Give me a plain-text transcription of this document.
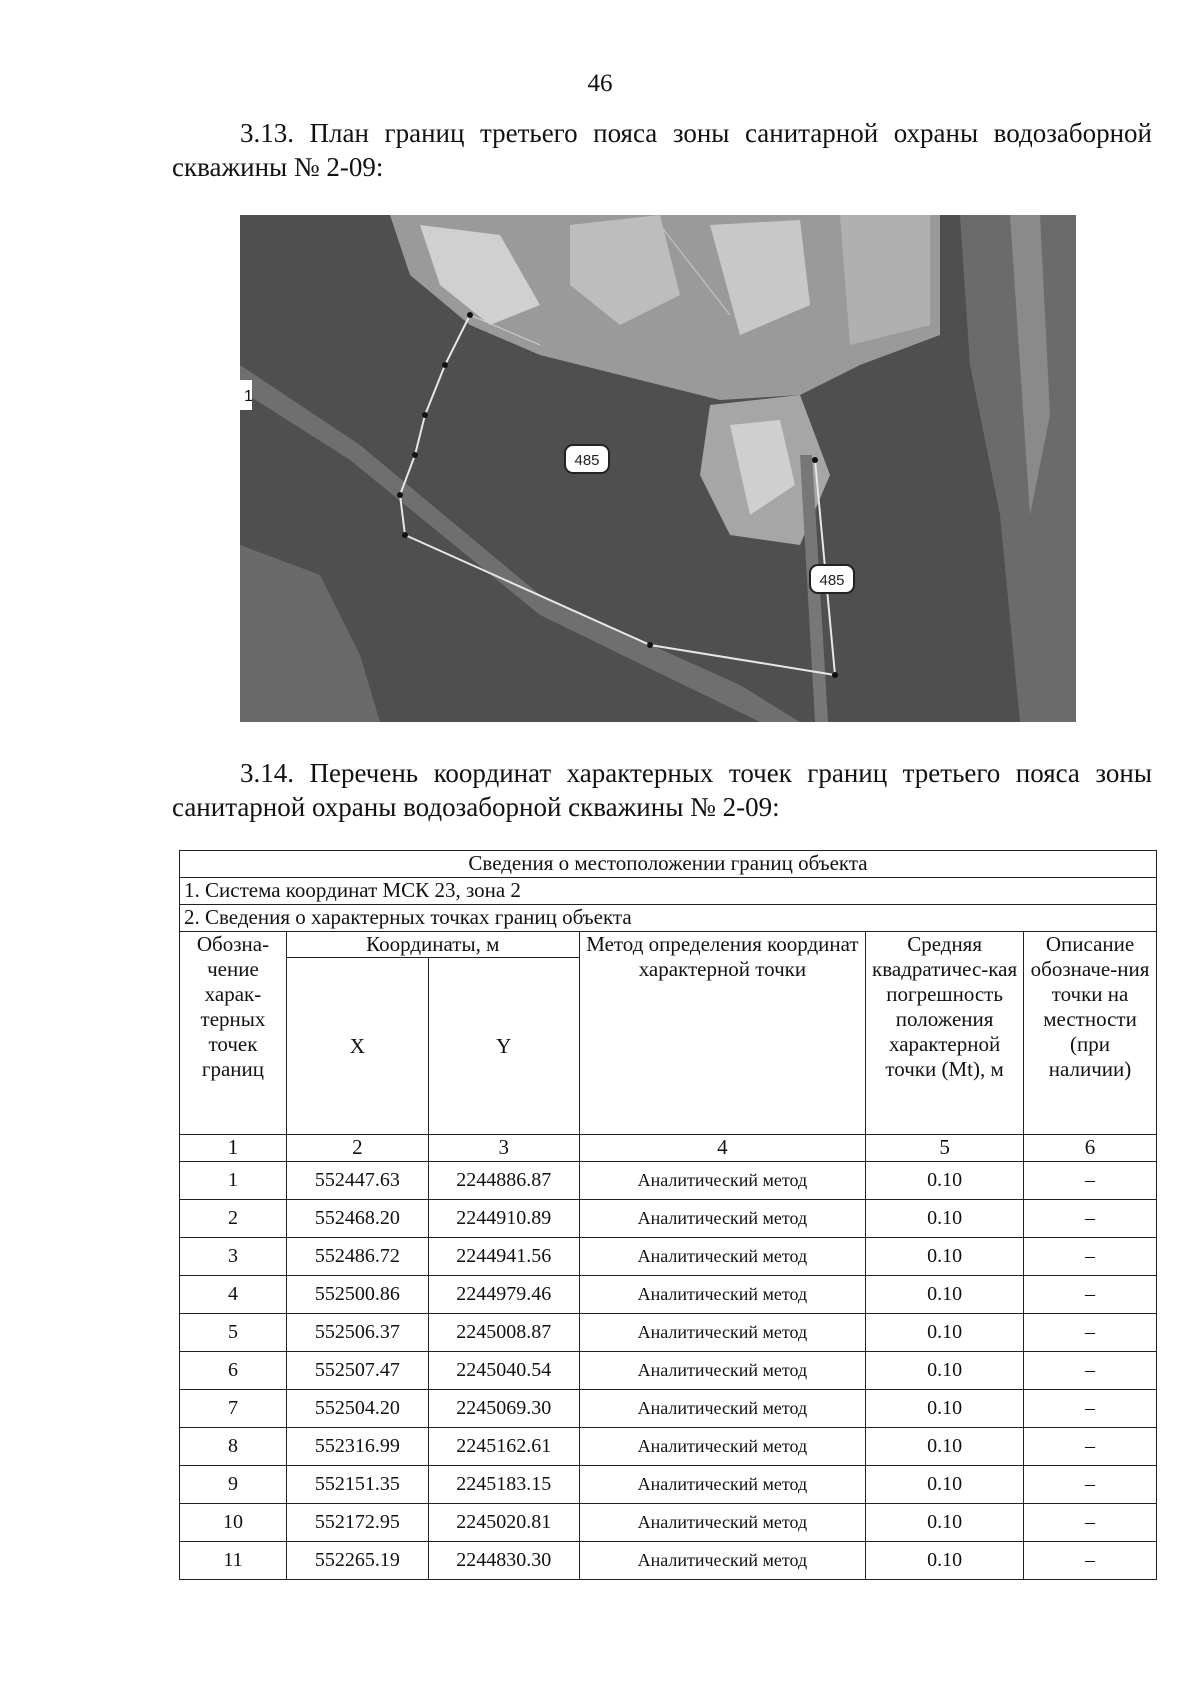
46

3.13. План границ третьего пояса зоны санитарной охраны водозаборной скважины № 2-09:

485
485
1

3.14. Перечень координат характерных точек границ третьего пояса зоны санитарной охраны водозаборной скважины № 2-09:

Сведения о местоположении границ объекта					
1. Система координат МСК 23, зона 2					
2. Сведения о характерных точках границ объекта					
Обозна-чение харак-терных точек границ	Координаты, м		Метод определения координат характерной точки	Средняя квадратичес-кая погрешность положения характерной точки (Mt), м	Описание обозначе-ния точки на местности (при наличии)
	X	Y			
1	2	3	4	5	6
1	552447.63	2244886.87	Аналитический метод	0.10	–
2	552468.20	2244910.89	Аналитический метод	0.10	–
3	552486.72	2244941.56	Аналитический метод	0.10	–
4	552500.86	2244979.46	Аналитический метод	0.10	–
5	552506.37	2245008.87	Аналитический метод	0.10	–
6	552507.47	2245040.54	Аналитический метод	0.10	–
7	552504.20	2245069.30	Аналитический метод	0.10	–
8	552316.99	2245162.61	Аналитический метод	0.10	–
9	552151.35	2245183.15	Аналитический метод	0.10	–
10	552172.95	2245020.81	Аналитический метод	0.10	–
11	552265.19	2244830.30	Аналитический метод	0.10	–
